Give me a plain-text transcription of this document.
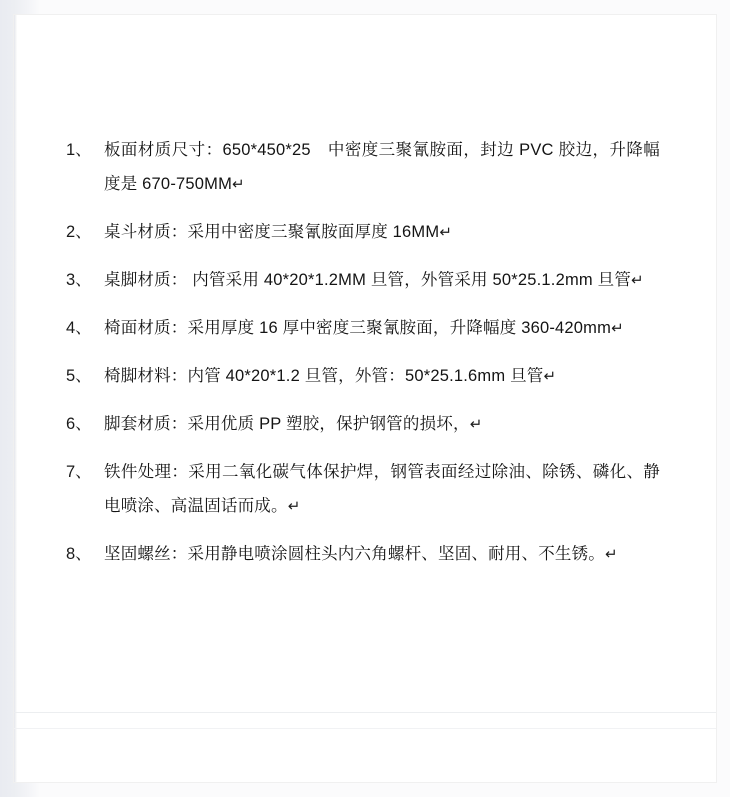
1、 板面材质尺寸：650*450*25　中密度三聚氰胺面，封边 PVC 胶边，升降幅度是 670-750MM↵
2、 桌斗材质：采用中密度三聚氰胺面厚度 16MM↵
3、 桌脚材质： 内管采用 40*20*1.2MM 旦管，外管采用 50*25.1.2mm 旦管↵
4、 椅面材质：采用厚度 16 厚中密度三聚氰胺面，升降幅度 360-420mm↵
5、 椅脚材料：内管 40*20*1.2 旦管，外管：50*25.1.6mm 旦管↵
6、 脚套材质：采用优质 PP 塑胶，保护钢管的损坏，↵
7、 铁件处理：采用二氧化碳气体保护焊，钢管表面经过除油、除锈、磷化、静电喷涂、高温固话而成。↵
8、 坚固螺丝：采用静电喷涂圆柱头内六角螺杆、坚固、耐用、不生锈。↵
